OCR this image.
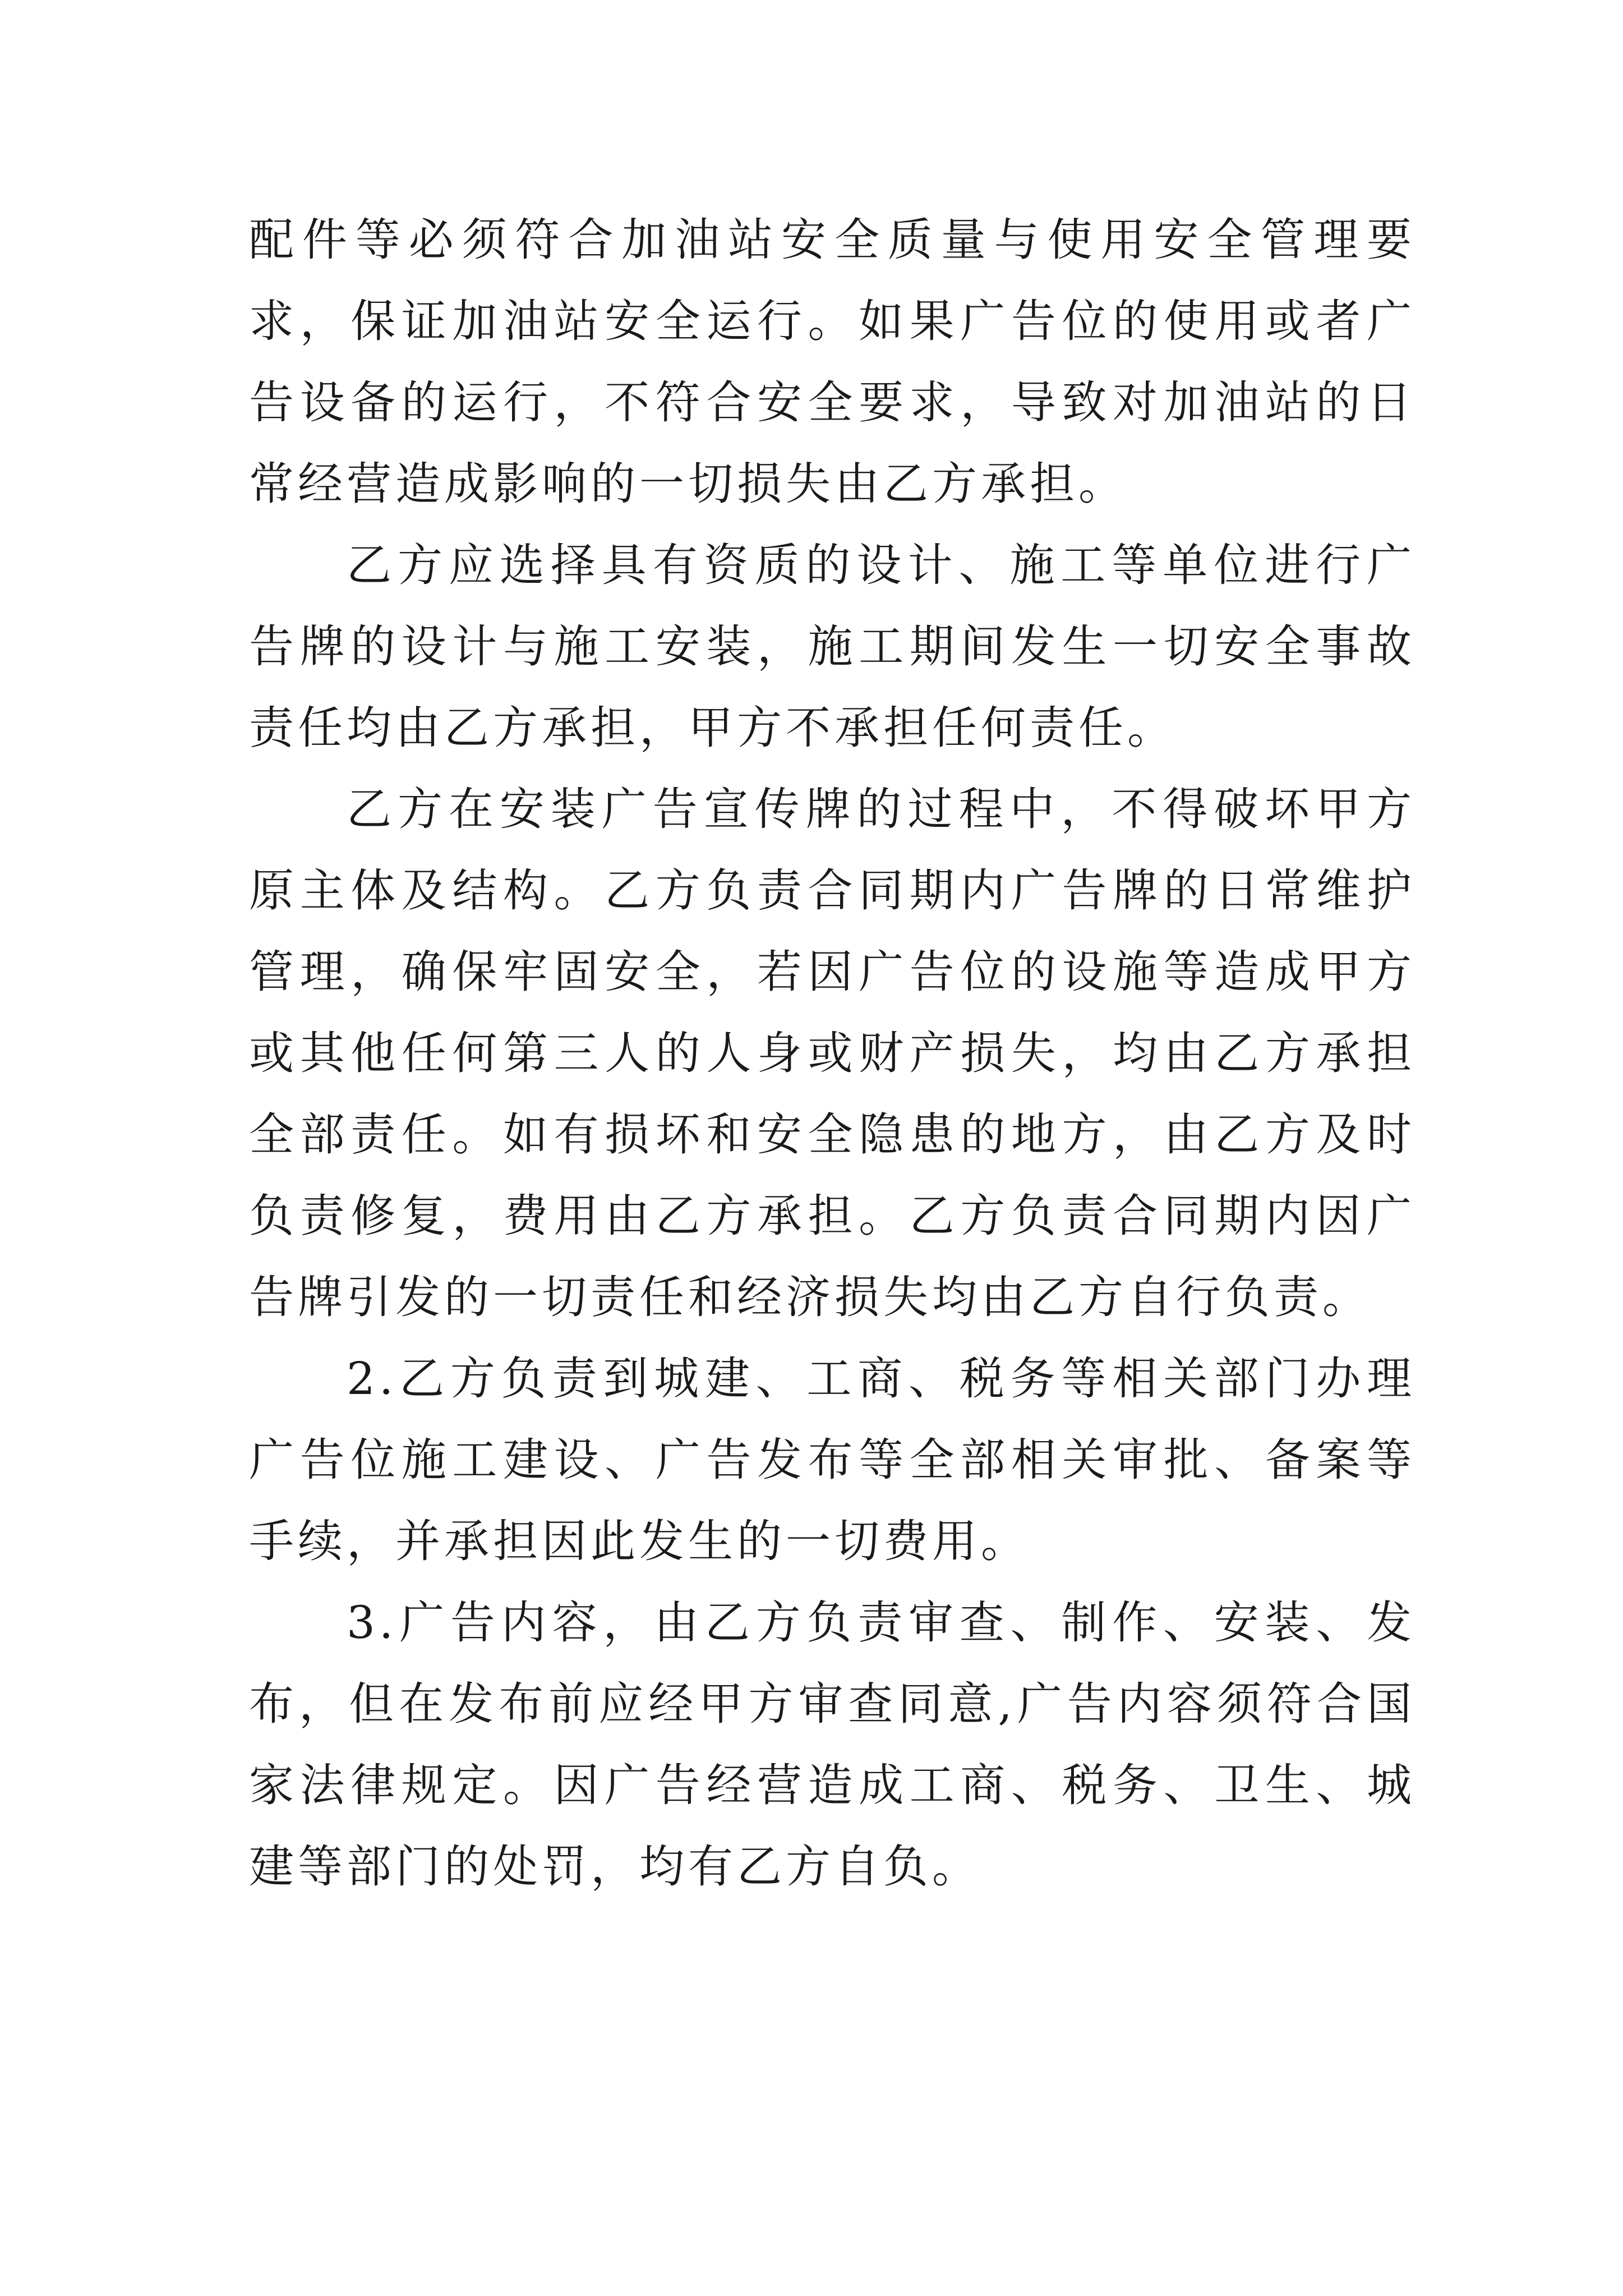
配件等必须符合加油站安全质量与使用安全管理要求，保证加油站安全运行。如果广告位的使用或者广告设备的运行，不符合安全要求，导致对加油站的日常经营造成影响的一切损失由乙方承担。

乙方应选择具有资质的设计、施工等单位进行广告牌的设计与施工安装，施工期间发生一切安全事故责任均由乙方承担，甲方不承担任何责任。

乙方在安装广告宣传牌的过程中，不得破坏甲方原主体及结构。乙方负责合同期内广告牌的日常维护管理，确保牢固安全，若因广告位的设施等造成甲方或其他任何第三人的人身或财产损失，均由乙方承担全部责任。如有损坏和安全隐患的地方，由乙方及时负责修复，费用由乙方承担。乙方负责合同期内因广告牌引发的一切责任和经济损失均由乙方自行负责。

2.乙方负责到城建、工商、税务等相关部门办理广告位施工建设、广告发布等全部相关审批、备案等手续，并承担因此发生的一切费用。

3.广告内容，由乙方负责审查、制作、安装、发布，但在发布前应经甲方审查同意,广告内容须符合国家法律规定。因广告经营造成工商、税务、卫生、城建等部门的处罚，均有乙方自负。
